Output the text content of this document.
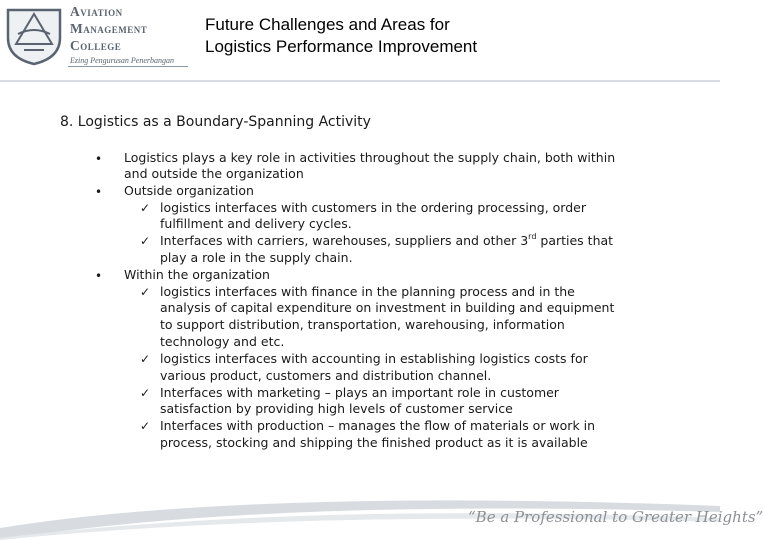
Aviation
Management
College
Ezing Pengurusan Penerbangan
Future Challenges and Areas for
Logistics Performance Improvement
8. Logistics as a Boundary-Spanning Activity
• Logistics plays a key role in activities throughout the supply chain, both within
and outside the organization
• Outside organization
✓ logistics interfaces with customers in the ordering processing, order
fulfillment and delivery cycles.
✓ Interfaces with carriers, warehouses, suppliers and other 3rd parties that
play a role in the supply chain.
• Within the organization
✓ logistics interfaces with finance in the planning process and in the
analysis of capital expenditure on investment in building and equipment
to support distribution, transportation, warehousing, information
technology and etc.
✓ logistics interfaces with accounting in establishing logistics costs for
various product, customers and distribution channel.
✓ Interfaces with marketing – plays an important role in customer
satisfaction by providing high levels of customer service
✓ Interfaces with production – manages the flow of materials or work in
process, stocking and shipping the finished product as it is available
“Be a Professional to Greater Heights”
